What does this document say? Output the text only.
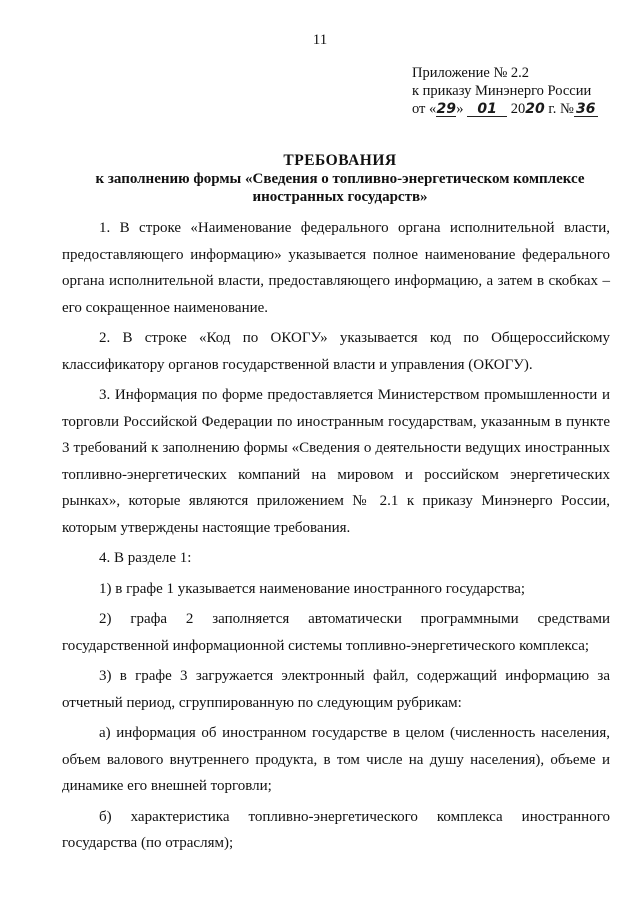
11
Приложение № 2.2
к приказу Минэнерго России
от «29» 01 2020 г. № 36
ТРЕБОВАНИЯ
к заполнению формы «Сведения о топливно-энергетическом комплексе
иностранных государств»

1. В строке «Наименование федерального органа исполнительной власти, предоставляющего информацию» указывается полное наименование федерального органа исполнительной власти, предоставляющего информацию, а затем в скобках – его сокращенное наименование.

2. В строке «Код по ОКОГУ» указывается код по Общероссийскому классификатору органов государственной власти и управления (ОКОГУ).

3. Информация по форме предоставляется Министерством промышленности и торговли Российской Федерации по иностранным государствам, указанным в пункте 3 требований к заполнению формы «Сведения о деятельности ведущих иностранных топливно-энергетических компаний на мировом и российском энергетических рынках», которые являются приложением № 2.1 к приказу Минэнерго России, которым утверждены настоящие требования.

4. В разделе 1:

1) в графе 1 указывается наименование иностранного государства;

2) графа 2 заполняется автоматически программными средствами государственной информационной системы топливно-энергетического комплекса;

3) в графе 3 загружается электронный файл, содержащий информацию за отчетный период, сгруппированную по следующим рубрикам:

а) информация об иностранном государстве в целом (численность населения, объем валового внутреннего продукта, в том числе на душу населения), объеме и динамике его внешней торговли;

б) характеристика топливно-энергетического комплекса иностранного государства (по отраслям);
